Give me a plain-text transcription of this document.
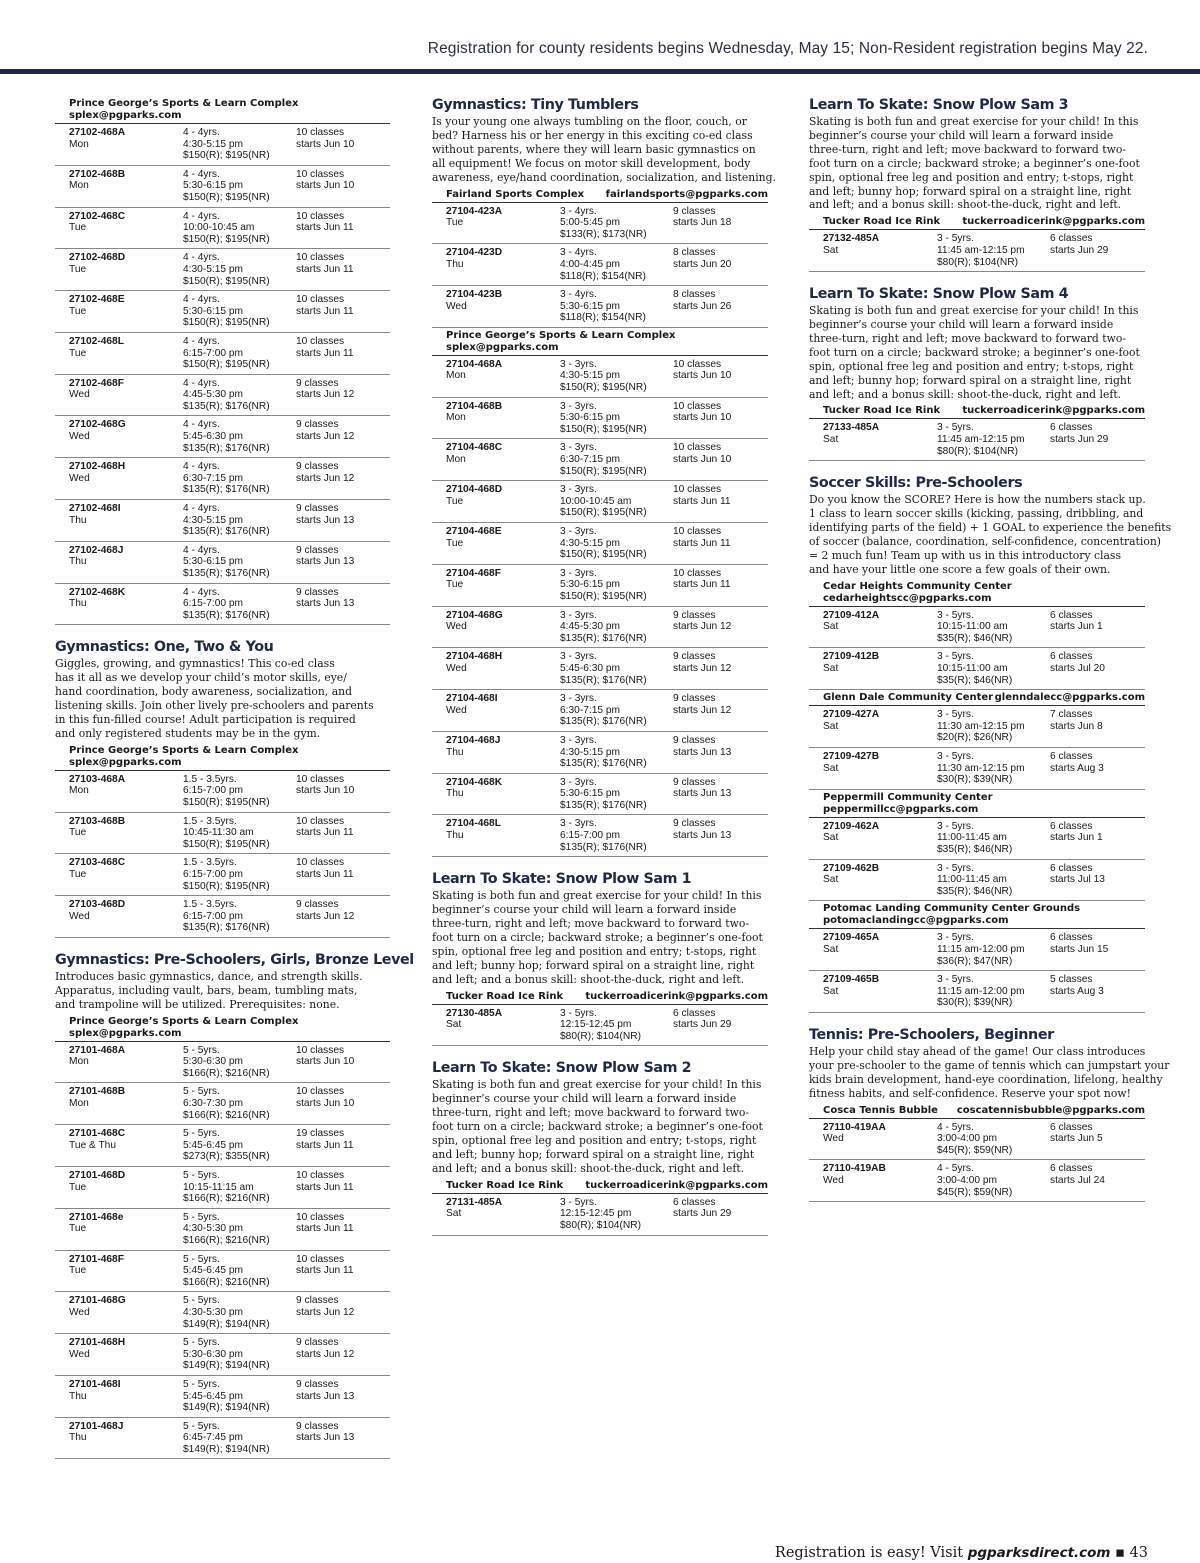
Registration for county residents begins Wednesday, May 15; Non-Resident registration begins May 22.
Prince George’s Sports & Learn Complex
splex@pgparks.com
27102-468A
Mon
4 - 4yrs.
4:30-5:15 pm
$150(R); $195(NR)
10 classes
starts Jun 10
27102-468B
Mon
4 - 4yrs.
5:30-6:15 pm
$150(R); $195(NR)
10 classes
starts Jun 10
27102-468C
Tue
4 - 4yrs.
10:00-10:45 am
$150(R); $195(NR)
10 classes
starts Jun 11
27102-468D
Tue
4 - 4yrs.
4:30-5:15 pm
$150(R); $195(NR)
10 classes
starts Jun 11
27102-468E
Tue
4 - 4yrs.
5:30-6:15 pm
$150(R); $195(NR)
10 classes
starts Jun 11
27102-468L
Tue
4 - 4yrs.
6:15-7:00 pm
$150(R); $195(NR)
10 classes
starts Jun 11
27102-468F
Wed
4 - 4yrs.
4:45-5:30 pm
$135(R); $176(NR)
9 classes
starts Jun 12
27102-468G
Wed
4 - 4yrs.
5:45-6:30 pm
$135(R); $176(NR)
9 classes
starts Jun 12
27102-468H
Wed
4 - 4yrs.
6:30-7:15 pm
$135(R); $176(NR)
9 classes
starts Jun 12
27102-468I
Thu
4 - 4yrs.
4:30-5:15 pm
$135(R); $176(NR)
9 classes
starts Jun 13
27102-468J
Thu
4 - 4yrs.
5:30-6:15 pm
$135(R); $176(NR)
9 classes
starts Jun 13
27102-468K
Thu
4 - 4yrs.
6:15-7:00 pm
$135(R); $176(NR)
9 classes
starts Jun 13
Gymnastics: One, Two & You
Giggles, growing, and gymnastics! This co-ed class
has it all as we develop your child’s motor skills, eye/
hand coordination, body awareness, socialization, and
listening skills. Join other lively pre-schoolers and parents
in this fun-filled course! Adult participation is required
and only registered students may be in the gym.
Prince George’s Sports & Learn Complex
splex@pgparks.com
27103-468A
Mon
1.5 - 3.5yrs.
6:15-7:00 pm
$150(R); $195(NR)
10 classes
starts Jun 10
27103-468B
Tue
1.5 - 3.5yrs.
10:45-11:30 am
$150(R); $195(NR)
10 classes
starts Jun 11
27103-468C
Tue
1.5 - 3.5yrs.
6:15-7:00 pm
$150(R); $195(NR)
10 classes
starts Jun 11
27103-468D
Wed
1.5 - 3.5yrs.
6:15-7:00 pm
$135(R); $176(NR)
9 classes
starts Jun 12
Gymnastics: Pre-Schoolers, Girls, Bronze Level
Introduces basic gymnastics, dance, and strength skills.
Apparatus, including vault, bars, beam, tumbling mats,
and trampoline will be utilized. Prerequisites: none.
Prince George’s Sports & Learn Complex
splex@pgparks.com
27101-468A
Mon
5 - 5yrs.
5:30-6:30 pm
$166(R); $216(NR)
10 classes
starts Jun 10
27101-468B
Mon
5 - 5yrs.
6:30-7:30 pm
$166(R); $216(NR)
10 classes
starts Jun 10
27101-468C
Tue & Thu
5 - 5yrs.
5:45-6:45 pm
$273(R); $355(NR)
19 classes
starts Jun 11
27101-468D
Tue
5 - 5yrs.
10:15-11:15 am
$166(R); $216(NR)
10 classes
starts Jun 11
27101-468e
Tue
5 - 5yrs.
4:30-5:30 pm
$166(R); $216(NR)
10 classes
starts Jun 11
27101-468F
Tue
5 - 5yrs.
5:45-6:45 pm
$166(R); $216(NR)
10 classes
starts Jun 11
27101-468G
Wed
5 - 5yrs.
4:30-5:30 pm
$149(R); $194(NR)
9 classes
starts Jun 12
27101-468H
Wed
5 - 5yrs.
5:30-6:30 pm
$149(R); $194(NR)
9 classes
starts Jun 12
27101-468I
Thu
5 - 5yrs.
5:45-6:45 pm
$149(R); $194(NR)
9 classes
starts Jun 13
27101-468J
Thu
5 - 5yrs.
6:45-7:45 pm
$149(R); $194(NR)
9 classes
starts Jun 13
Gymnastics: Tiny Tumblers
Is your young one always tumbling on the floor, couch, or
bed? Harness his or her energy in this exciting co-ed class
without parents, where they will learn basic gymnastics on
all equipment! We focus on motor skill development, body
awareness, eye/hand coordination, socialization, and listening.
Fairland Sports Complex fairlandsports@pgparks.com
27104-423A
Tue
3 - 4yrs.
5:00-5:45 pm
$133(R); $173(NR)
9 classes
starts Jun 18
27104-423D
Thu
3 - 4yrs.
4:00-4:45 pm
$118(R); $154(NR)
8 classes
starts Jun 20
27104-423B
Wed
3 - 4yrs.
5:30-6:15 pm
$118(R); $154(NR)
8 classes
starts Jun 26
Prince George’s Sports & Learn Complex
splex@pgparks.com
27104-468A
Mon
3 - 3yrs.
4:30-5:15 pm
$150(R); $195(NR)
10 classes
starts Jun 10
27104-468B
Mon
3 - 3yrs.
5:30-6:15 pm
$150(R); $195(NR)
10 classes
starts Jun 10
27104-468C
Mon
3 - 3yrs.
6:30-7:15 pm
$150(R); $195(NR)
10 classes
starts Jun 10
27104-468D
Tue
3 - 3yrs.
10:00-10:45 am
$150(R); $195(NR)
10 classes
starts Jun 11
27104-468E
Tue
3 - 3yrs.
4:30-5:15 pm
$150(R); $195(NR)
10 classes
starts Jun 11
27104-468F
Tue
3 - 3yrs.
5:30-6:15 pm
$150(R); $195(NR)
10 classes
starts Jun 11
27104-468G
Wed
3 - 3yrs.
4:45-5:30 pm
$135(R); $176(NR)
9 classes
starts Jun 12
27104-468H
Wed
3 - 3yrs.
5:45-6:30 pm
$135(R); $176(NR)
9 classes
starts Jun 12
27104-468I
Wed
3 - 3yrs.
6:30-7:15 pm
$135(R); $176(NR)
9 classes
starts Jun 12
27104-468J
Thu
3 - 3yrs.
4:30-5:15 pm
$135(R); $176(NR)
9 classes
starts Jun 13
27104-468K
Thu
3 - 3yrs.
5:30-6:15 pm
$135(R); $176(NR)
9 classes
starts Jun 13
27104-468L
Thu
3 - 3yrs.
6:15-7:00 pm
$135(R); $176(NR)
9 classes
starts Jun 13
Learn To Skate: Snow Plow Sam 1
Skating is both fun and great exercise for your child! In this
beginner’s course your child will learn a forward inside
three-turn, right and left; move backward to forward two-
foot turn on a circle; backward stroke; a beginner’s one-foot
spin, optional free leg and position and entry; t-stops, right
and left; bunny hop; forward spiral on a straight line, right
and left; and a bonus skill: shoot-the-duck, right and left.
Tucker Road Ice Rink tuckerroadicerink@pgparks.com
27130-485A
Sat
3 - 5yrs.
12:15-12:45 pm
$80(R); $104(NR)
6 classes
starts Jun 29
Learn To Skate: Snow Plow Sam 2
Skating is both fun and great exercise for your child! In this
beginner’s course your child will learn a forward inside
three-turn, right and left; move backward to forward two-
foot turn on a circle; backward stroke; a beginner’s one-foot
spin, optional free leg and position and entry; t-stops, right
and left; bunny hop; forward spiral on a straight line, right
and left; and a bonus skill: shoot-the-duck, right and left.
Tucker Road Ice Rink tuckerroadicerink@pgparks.com
27131-485A
Sat
3 - 5yrs.
12:15-12:45 pm
$80(R); $104(NR)
6 classes
starts Jun 29
Learn To Skate: Snow Plow Sam 3
Skating is both fun and great exercise for your child! In this
beginner’s course your child will learn a forward inside
three-turn, right and left; move backward to forward two-
foot turn on a circle; backward stroke; a beginner’s one-foot
spin, optional free leg and position and entry; t-stops, right
and left; bunny hop; forward spiral on a straight line, right
and left; and a bonus skill: shoot-the-duck, right and left.
Tucker Road Ice Rink tuckerroadicerink@pgparks.com
27132-485A
Sat
3 - 5yrs.
11:45 am-12:15 pm
$80(R); $104(NR)
6 classes
starts Jun 29
Learn To Skate: Snow Plow Sam 4
Skating is both fun and great exercise for your child! In this
beginner’s course your child will learn a forward inside
three-turn, right and left; move backward to forward two-
foot turn on a circle; backward stroke; a beginner’s one-foot
spin, optional free leg and position and entry; t-stops, right
and left; bunny hop; forward spiral on a straight line, right
and left; and a bonus skill: shoot-the-duck, right and left.
Tucker Road Ice Rink tuckerroadicerink@pgparks.com
27133-485A
Sat
3 - 5yrs.
11:45 am-12:15 pm
$80(R); $104(NR)
6 classes
starts Jun 29
Soccer Skills: Pre-Schoolers
Do you know the SCORE? Here is how the numbers stack up.
1 class to learn soccer skills (kicking, passing, dribbling, and
identifying parts of the field) + 1 GOAL to experience the benefits
of soccer (balance, coordination, self-confidence, concentration)
= 2 much fun! Team up with us in this introductory class
and have your little one score a few goals of their own.
Cedar Heights Community Center
cedarheightscc@pgparks.com
27109-412A
Sat
3 - 5yrs.
10:15-11:00 am
$35(R); $46(NR)
6 classes
starts Jun 1
27109-412B
Sat
3 - 5yrs.
10:15-11:00 am
$35(R); $46(NR)
6 classes
starts Jul 20
Glenn Dale Community Center glenndalecc@pgparks.com
27109-427A
Sat
3 - 5yrs.
11:30 am-12:15 pm
$20(R); $26(NR)
7 classes
starts Jun 8
27109-427B
Sat
3 - 5yrs.
11:30 am-12:15 pm
$30(R); $39(NR)
6 classes
starts Aug 3
Peppermill Community Center
peppermillcc@pgparks.com
27109-462A
Sat
3 - 5yrs.
11:00-11:45 am
$35(R); $46(NR)
6 classes
starts Jun 1
27109-462B
Sat
3 - 5yrs.
11:00-11:45 am
$35(R); $46(NR)
6 classes
starts Jul 13
Potomac Landing Community Center Grounds
potomaclandingcc@pgparks.com
27109-465A
Sat
3 - 5yrs.
11:15 am-12:00 pm
$36(R); $47(NR)
6 classes
starts Jun 15
27109-465B
Sat
3 - 5yrs.
11:15 am-12:00 pm
$30(R); $39(NR)
5 classes
starts Aug 3
Tennis: Pre-Schoolers, Beginner
Help your child stay ahead of the game! Our class introduces
your pre-schooler to the game of tennis which can jumpstart your
kids brain development, hand-eye coordination, lifelong, healthy
fitness habits, and self-confidence. Reserve your spot now!
Cosca Tennis Bubble coscatennisbubble@pgparks.com
27110-419AA
Wed
4 - 5yrs.
3:00-4:00 pm
$45(R); $59(NR)
6 classes
starts Jun 5
27110-419AB
Wed
4 - 5yrs.
3:00-4:00 pm
$45(R); $59(NR)
6 classes
starts Jul 24
Registration is easy! Visit pgparksdirect.com ▪ 43
